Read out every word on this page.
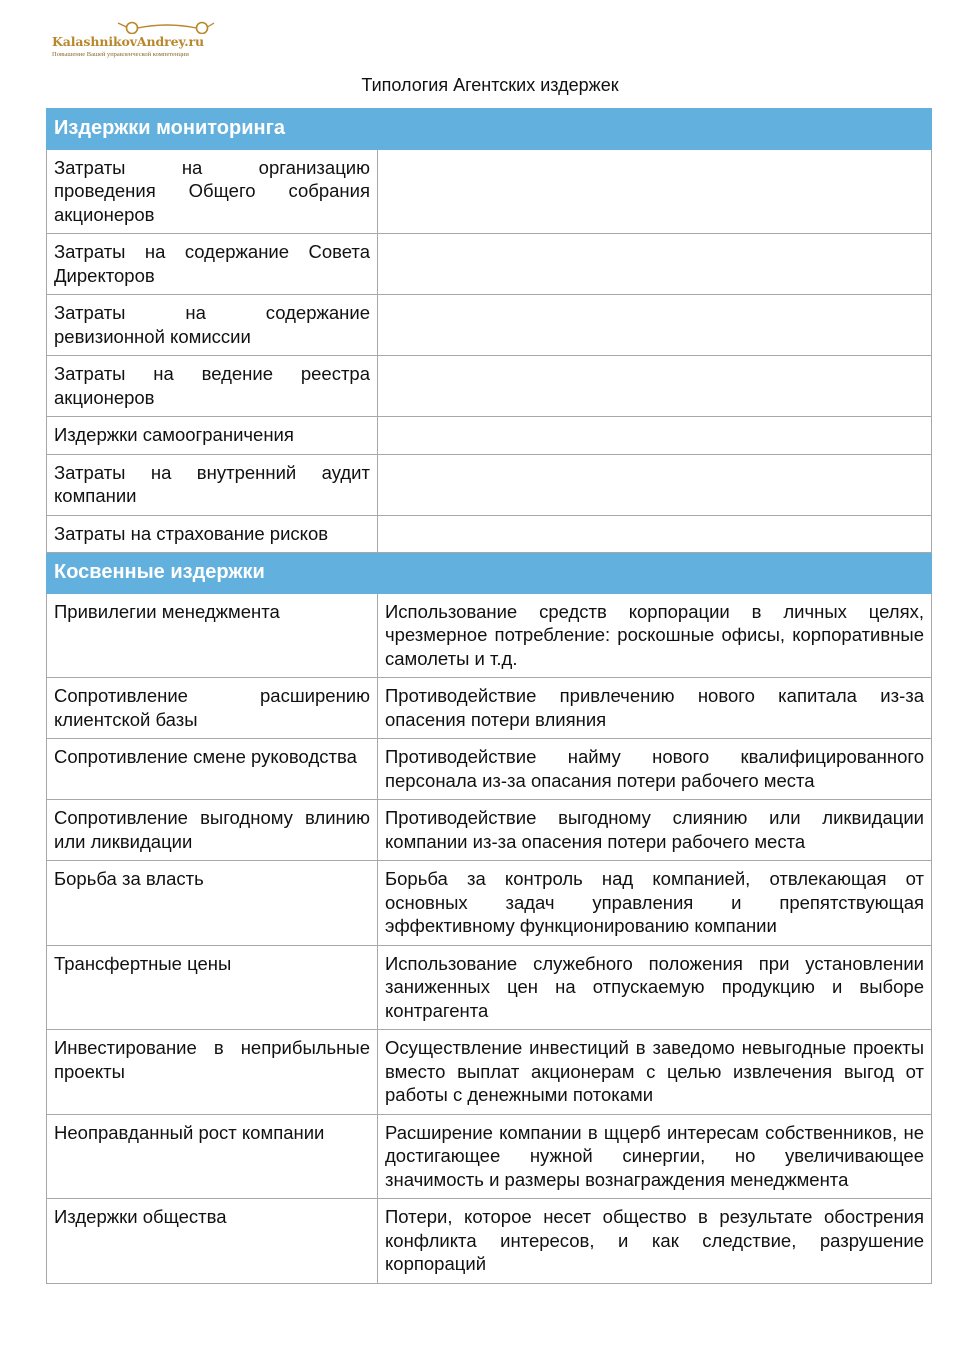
KalashnikovAndrey.ru
Повышение Вашей управленческой компетенции
Типология Агентских издержек
Издержки мониторинга	
Затраты на организацию проведения Общего собрания акционеров	
Затраты на содержание Совета Директоров	
Затраты на содержание ревизионной комиссии	
Затраты на ведение реестра акционеров	
Издержки самоограничения	
Затраты на внутренний аудит компании	
Затраты на страхование рисков	
Косвенные издержки	
Привилегии менеджмента	Использование средств корпорации в личных целях, чрезмерное потребление: роскошные офисы, корпоративные самолеты и т.д.
Сопротивление расширению клиентской базы	Противодействие привлечению нового капитала из-за опасения потери влияния
Сопротивление смене руководства	Противодействие найму нового квалифицированного персонала из-за опасания потери рабочего места
Сопротивление выгодному влинию или ликвидации	Противодействие выгодному слиянию или ликвидации компании из-за опасения потери рабочего места
Борьба за власть	Борьба за контроль над компанией, отвлекающая от основных задач управления и препятствующая эффективному функционированию компании
Трансфертные цены	Использование служебного положения при установлении заниженных цен на отпускаемую продукцию и выборе контрагента
Инвестирование в неприбыльные проекты	Осуществление инвестиций в заведомо невыгодные проекты вместо выплат акционерам с целью извлечения выгод от работы с денежными потоками
Неоправданный рост компании	Расширение компании в щцерб интересам собственников, не достигающее нужной синергии, но увеличивающее значимость и размеры вознаграждения менеджмента
Издержки общества	Потери, которое несет общество в результате обострения конфликта интересов, и как следствие, разрушение корпораций
